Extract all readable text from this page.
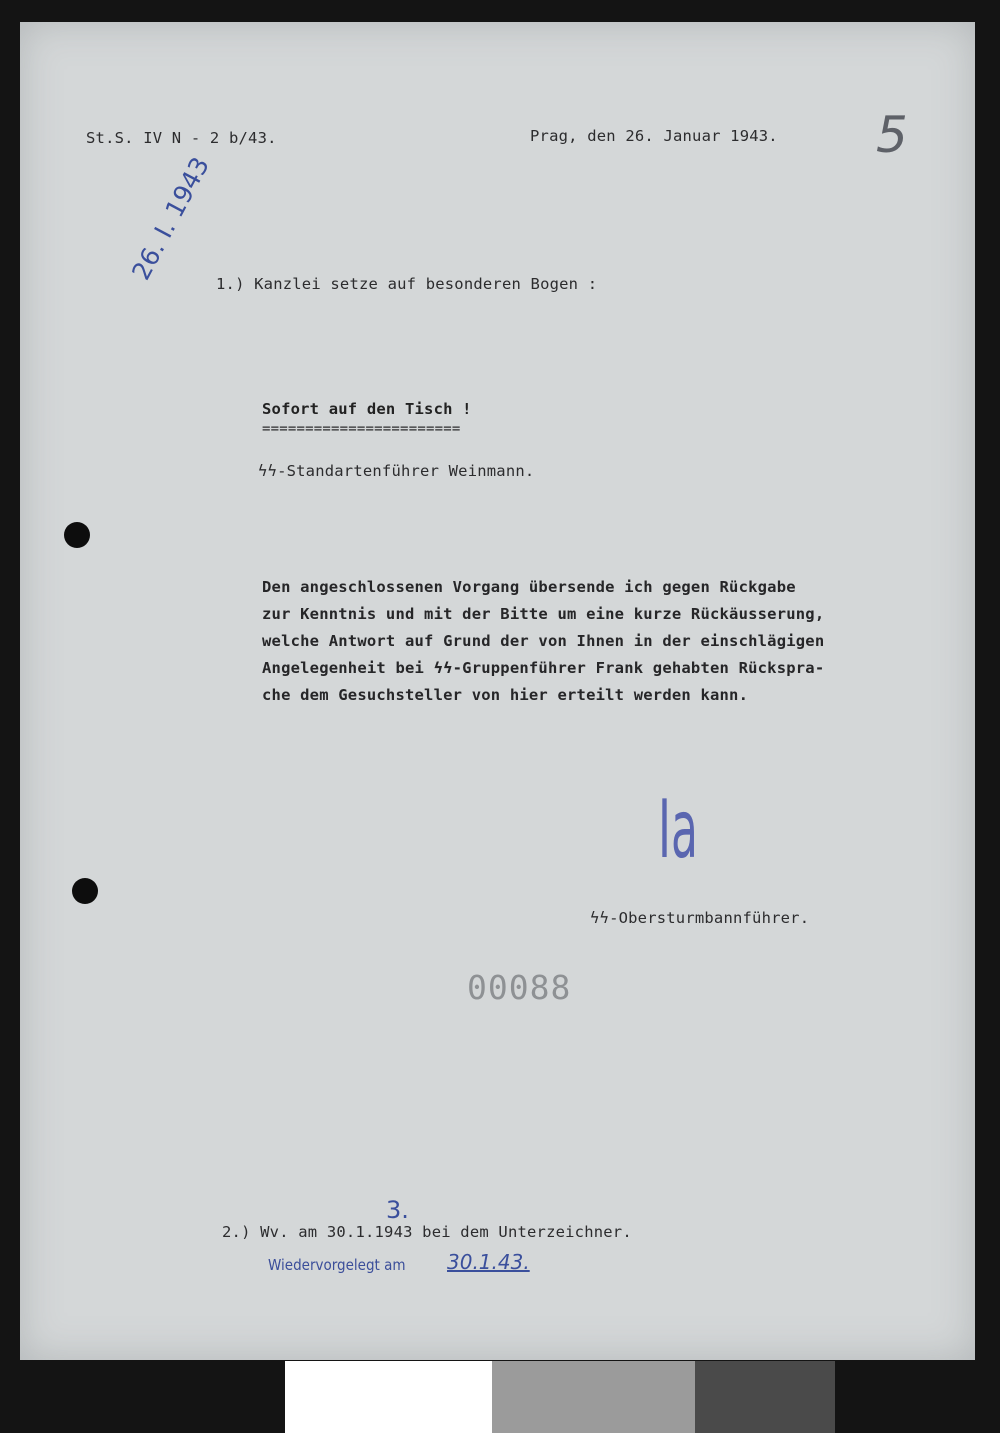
St.S. IV N - 2 b/43.	Prag, den 26. Januar 1943. 5
26. I. 1943 1.) Kanzlei setze auf besonderen Bogen :
Sofort auf den Tisch !
=======================
ϟϟ-Standartenführer Weinmann.
Den angeschlossenen Vorgang übersende ich gegen Rückgabe
zur Kenntnis und mit der Bitte um eine kurze Rückäusserung,
welche Antwort auf Grund der von Ihnen in der einschlägigen
Angelegenheit bei ϟϟ-Gruppenführer Frank gehabten Rückspra-
che dem Gesuchsteller von hier erteilt werden kann.
Ia
ϟϟ-Obersturmbannführer.
88000
3.
2.) Wv. am 30.1.1943 bei dem Unterzeichner.
Wiedervorgelegt am 30.1.43.
